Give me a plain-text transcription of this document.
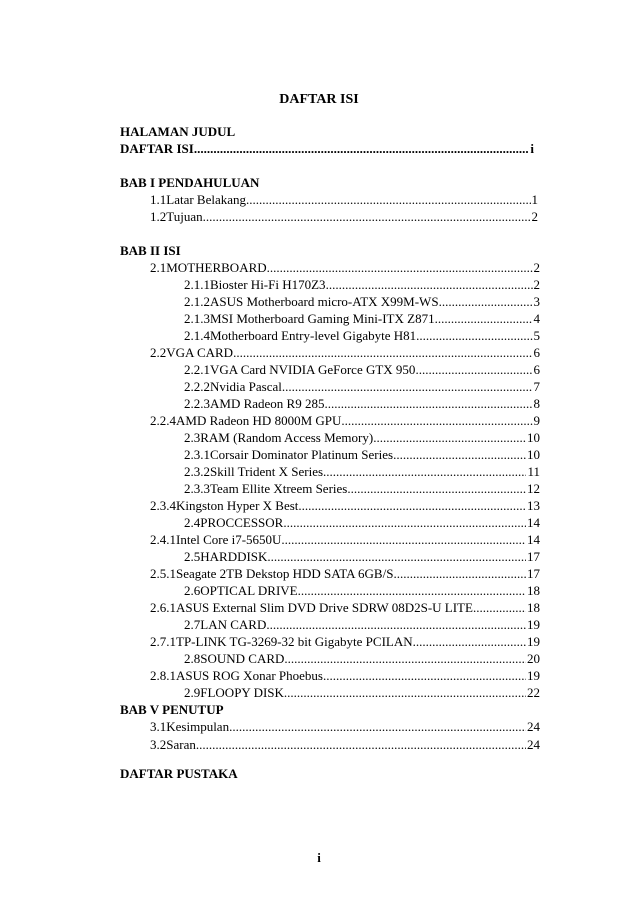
DAFTAR ISI
HALAMAN JUDUL
DAFTAR ISI .....	i
BAB I PENDAHULUAN
1.1 Latar Belakang .....	1
1.2 Tujuan .....	2
BAB II ISI
2.1 MOTHERBOARD .....	2
2.1.1 Bioster Hi-Fi H170Z3 .....	2
2.1.2 ASUS Motherboard micro-ATX X99M-WS .....	3
2.1.3 MSI Motherboard Gaming Mini-ITX Z871 .....	4
2.1.4 Motherboard Entry-level Gigabyte H81 .....	5
2.2 VGA CARD .....	6
2.2.1 VGA Card NVIDIA GeForce GTX 950 .....	6
2.2.2 Nvidia Pascal .....	7
2.2.3 AMD Radeon R9 285 .....	8
2.2.4 AMD Radeon HD 8000M GPU .....	9
2.3 RAM (Random Access Memory) .....	10
2.3.1 Corsair Dominator Platinum Series .....	10
2.3.2 Skill Trident X Series .....	11
2.3.3 Team Ellite Xtreem Series .....	12
2.3.4 Kingston Hyper X Best .....	13
2.4 PROCCESSOR .....	14
2.4.1 Intel Core i7-5650U .....	14
2.5 HARDDISK .....	17
2.5.1 Seagate 2TB Dekstop HDD SATA 6GB/S .....	17
2.6 OPTICAL DRIVE .....	18
2.6.1 ASUS External Slim DVD Drive SDRW 08D2S-U LITE .....	18
2.7 LAN CARD .....	19
2.7.1 TP-LINK TG-3269-32 bit Gigabyte PCILAN .....	19
2.8 SOUND CARD .....	20
2.8.1 ASUS ROG Xonar Phoebus .....	19
2.9 FLOOPY DISK .....	22
BAB V PENUTUP
3.1 Kesimpulan .....	24
3.2 Saran .....	24
DAFTAR PUSTAKA
i
